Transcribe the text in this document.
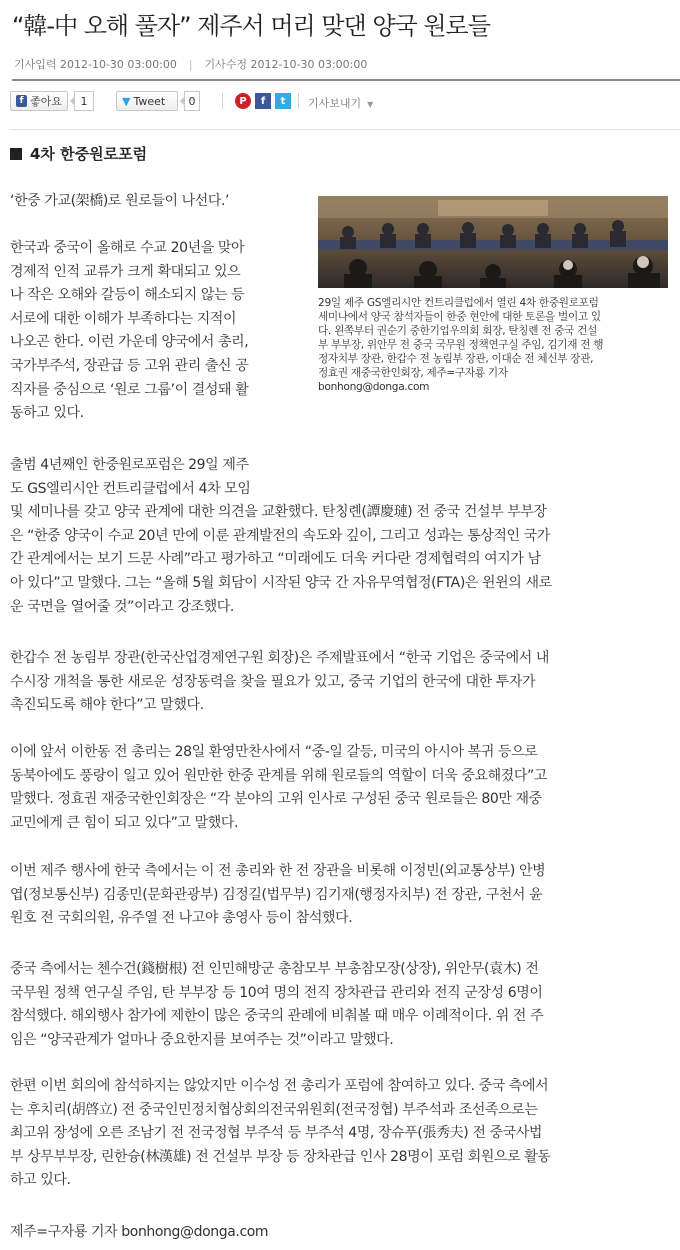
“韓-中 오해 풀자” 제주서 머리 맞댄 양국 원로들
기사입력 2012-10-30 03:00:00 | 기사수정 2012-10-30 03:00:00
f 좋아요	1	▼ Tweet	0	P	f	t	기사보내기 ▼
4차 한중원로포럼
29일 제주 GS엘리시안 컨트리클럽에서 열린 4차 한중원로포럼
세미나에서 양국 참석자들이 한중 현안에 대한 토론을 벌이고 있
다. 왼쪽부터 권순기 중한기업우의회 회장, 탄칭롄 전 중국 건설
부 부부장, 위안무 전 중국 국무원 정책연구실 주임, 김기재 전 행
정자치부 장관, 한갑수 전 농림부 장관, 이대순 전 체신부 장관,
정효권 재중국한인회장, 제주=구자룡 기자
bonhong@donga.com
‘한중 가교(架橋)로 원로들이 나선다.’
한국과 중국이 올해로 수교 20년을 맞아
경제적 인적 교류가 크게 확대되고 있으
나 작은 오해와 갈등이 해소되지 않는 등
서로에 대한 이해가 부족하다는 지적이
나오곤 한다. 이런 가운데 양국에서 총리,
국가부주석, 장관급 등 고위 관리 출신 공
직자를 중심으로 ‘원로 그룹’이 결성돼 활
동하고 있다.
출범 4년째인 한중원로포럼은 29일 제주
도 GS엘리시안 컨트리클럽에서 4차 모임
및 세미나를 갖고 양국 관계에 대한 의견을 교환했다. 탄칭롄(譚慶璉) 전 중국 건설부 부부장
은 “한중 양국이 수교 20년 만에 이룬 관계발전의 속도와 깊이, 그리고 성과는 통상적인 국가
간 관계에서는 보기 드문 사례”라고 평가하고 “미래에도 더욱 커다란 경제협력의 여지가 남
아 있다”고 말했다. 그는 “올해 5월 회담이 시작된 양국 간 자유무역협정(FTA)은 윈윈의 새로
운 국면을 열어줄 것”이라고 강조했다.
한갑수 전 농림부 장관(한국산업경제연구원 회장)은 주제발표에서 “한국 기업은 중국에서 내
수시장 개척을 통한 새로운 성장동력을 찾을 필요가 있고, 중국 기업의 한국에 대한 투자가
촉진되도록 해야 한다”고 말했다.
이에 앞서 이한동 전 총리는 28일 환영만찬사에서 “중-일 갈등, 미국의 아시아 복귀 등으로
동북아에도 풍랑이 일고 있어 원만한 한중 관계를 위해 원로들의 역할이 더욱 중요해졌다”고
말했다. 정효권 재중국한인회장은 “각 분야의 고위 인사로 구성된 중국 원로들은 80만 재중
교민에게 큰 힘이 되고 있다”고 말했다.
이번 제주 행사에 한국 측에서는 이 전 총리와 한 전 장관을 비롯해 이정빈(외교통상부) 안병
엽(정보통신부) 김종민(문화관광부) 김정길(법무부) 김기재(행정자치부) 전 장관, 구천서 윤
원호 전 국회의원, 유주열 전 나고야 총영사 등이 참석했다.
중국 측에서는 첸수건(錢樹根) 전 인민해방군 총참모부 부총참모장(상장), 위안무(袁木) 전
국무원 정책 연구실 주임, 탄 부부장 등 10여 명의 전직 장차관급 관리와 전직 군장성 6명이
참석했다. 해외행사 참가에 제한이 많은 중국의 관례에 비춰볼 때 매우 이례적이다. 위 전 주
임은 “양국관계가 얼마나 중요한지를 보여주는 것”이라고 말했다.
한편 이번 회의에 참석하지는 않았지만 이수성 전 총리가 포럼에 참여하고 있다. 중국 측에서
는 후치리(胡啓立) 전 중국인민정치협상회의전국위원회(전국정협) 부주석과 조선족으로는
최고위 장성에 오른 조남기 전 전국정협 부주석 등 부주석 4명, 장슈푸(張秀夫) 전 중국사법
부 상무부부장, 린한슝(林漢雄) 전 건설부 부장 등 장차관급 인사 28명이 포럼 회원으로 활동
하고 있다.
제주=구자룡 기자 bonhong@donga.com
